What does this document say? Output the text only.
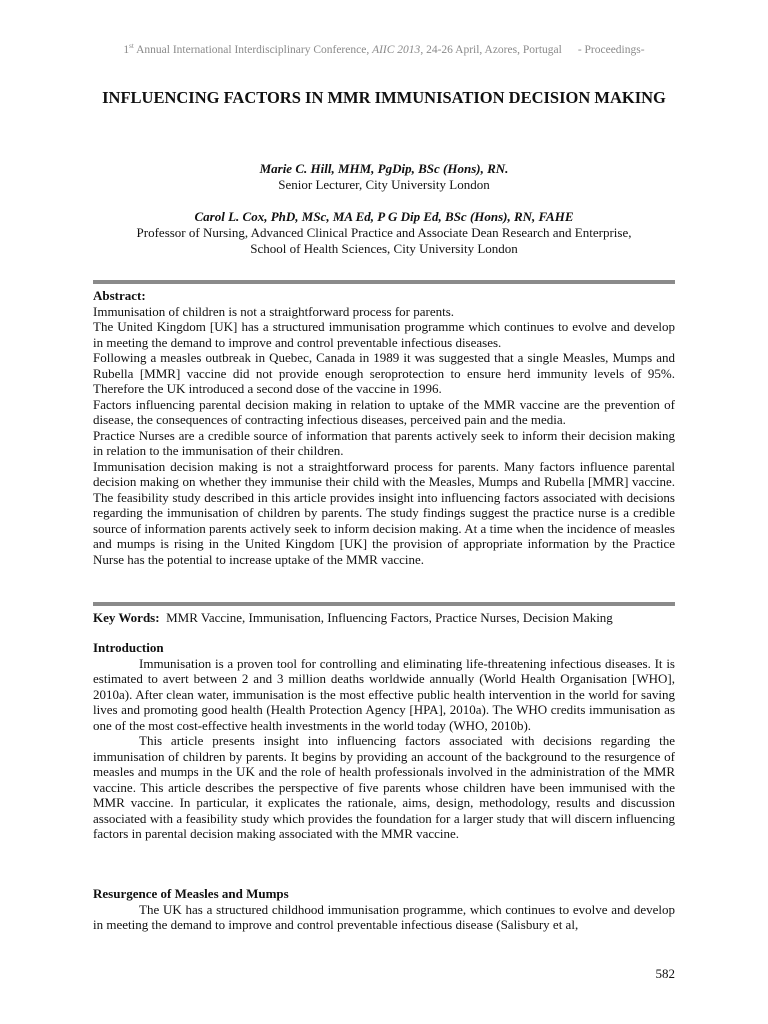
1st Annual International Interdisciplinary Conference, AIIC 2013, 24-26 April, Azores, Portugal - Proceedings-
INFLUENCING FACTORS IN MMR IMMUNISATION DECISION MAKING
Marie C. Hill, MHM, PgDip, BSc (Hons), RN.
Senior Lecturer, City University London
Carol L. Cox, PhD, MSc, MA Ed, P G Dip Ed, BSc (Hons), RN, FAHE
Professor of Nursing, Advanced Clinical Practice and Associate Dean Research and Enterprise,
School of Health Sciences, City University London

Abstract:

Immunisation of children is not a straightforward process for parents.

The United Kingdom [UK] has a structured immunisation programme which continues to evolve and develop in meeting the demand to improve and control preventable infectious diseases.

Following a measles outbreak in Quebec, Canada in 1989 it was suggested that a single Measles, Mumps and Rubella [MMR] vaccine did not provide enough seroprotection to ensure herd immunity levels of 95%. Therefore the UK introduced a second dose of the vaccine in 1996.

Factors influencing parental decision making in relation to uptake of the MMR vaccine are the prevention of disease, the consequences of contracting infectious diseases, perceived pain and the media.

Practice Nurses are a credible source of information that parents actively seek to inform their decision making in relation to the immunisation of their children.

Immunisation decision making is not a straightforward process for parents. Many factors influence parental decision making on whether they immunise their child with the Measles, Mumps and Rubella [MMR] vaccine. The feasibility study described in this article provides insight into influencing factors associated with decisions regarding the immunisation of children by parents. The study findings suggest the practice nurse is a credible source of information parents actively seek to inform decision making. At a time when the incidence of measles and mumps is rising in the United Kingdom [UK] the provision of appropriate information by the Practice Nurse has the potential to increase uptake of the MMR vaccine.

Key Words:  MMR Vaccine, Immunisation, Influencing Factors, Practice Nurses, Decision Making

Introduction

Immunisation is a proven tool for controlling and eliminating life-threatening infectious diseases. It is estimated to avert between 2 and 3 million deaths worldwide annually (World Health Organisation [WHO], 2010a). After clean water, immunisation is the most effective public health intervention in the world for saving lives and promoting good health (Health Protection Agency [HPA], 2010a). The WHO credits immunisation as one of the most cost-effective health investments in the world today (WHO, 2010b).

This article presents insight into influencing factors associated with decisions regarding the immunisation of children by parents. It begins by providing an account of the background to the resurgence of measles and mumps in the UK and the role of health professionals involved in the administration of the MMR vaccine. This article describes the perspective of five parents whose children have been immunised with the MMR vaccine. In particular, it explicates the rationale, aims, design, methodology, results and discussion associated with a feasibility study which provides the foundation for a larger study that will discern influencing factors in parental decision making associated with the MMR vaccine.

Resurgence of Measles and Mumps

The UK has a structured childhood immunisation programme, which continues to evolve and develop in meeting the demand to improve and control preventable infectious disease (Salisbury et al,

582
